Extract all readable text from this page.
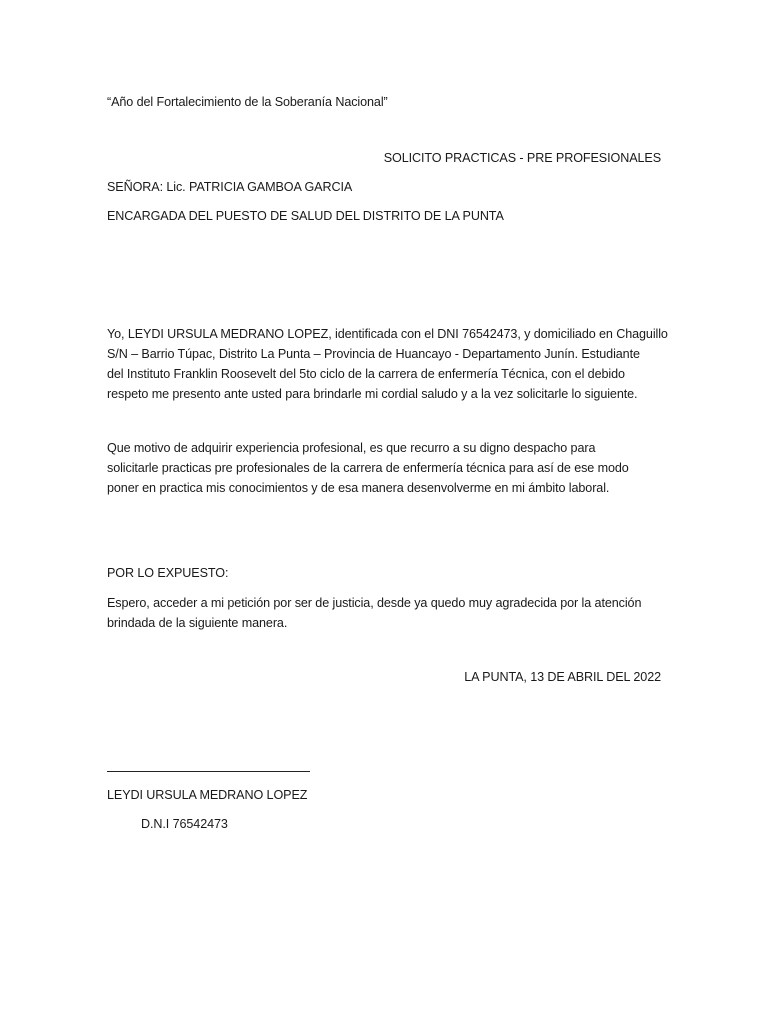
“Año del Fortalecimiento de la Soberanía Nacional”
SOLICITO PRACTICAS - PRE PROFESIONALES
SEÑORA: Lic. PATRICIA GAMBOA GARCIA
ENCARGADA DEL PUESTO DE SALUD DEL DISTRITO DE LA PUNTA
Yo, LEYDI URSULA MEDRANO LOPEZ, identificada con el DNI 76542473, y domiciliado en Chaguillo
S/N – Barrio Túpac, Distrito La Punta – Provincia de Huancayo - Departamento Junín. Estudiante
del Instituto Franklin Roosevelt del 5to ciclo de la carrera de enfermería Técnica, con el debido
respeto me presento ante usted para brindarle mi cordial saludo y a la vez solicitarle lo siguiente.
Que motivo de adquirir experiencia profesional, es que recurro a su digno despacho para
solicitarle practicas pre profesionales de la carrera de enfermería técnica para así de ese modo
poner en practica mis conocimientos y de esa manera desenvolverme en mi ámbito laboral.
POR LO EXPUESTO:
Espero, acceder a mi petición por ser de justicia, desde ya quedo muy agradecida por la atención
brindada de la siguiente manera.
LA PUNTA, 13 DE ABRIL DEL 2022
LEYDI URSULA MEDRANO LOPEZ
D.N.I 76542473
